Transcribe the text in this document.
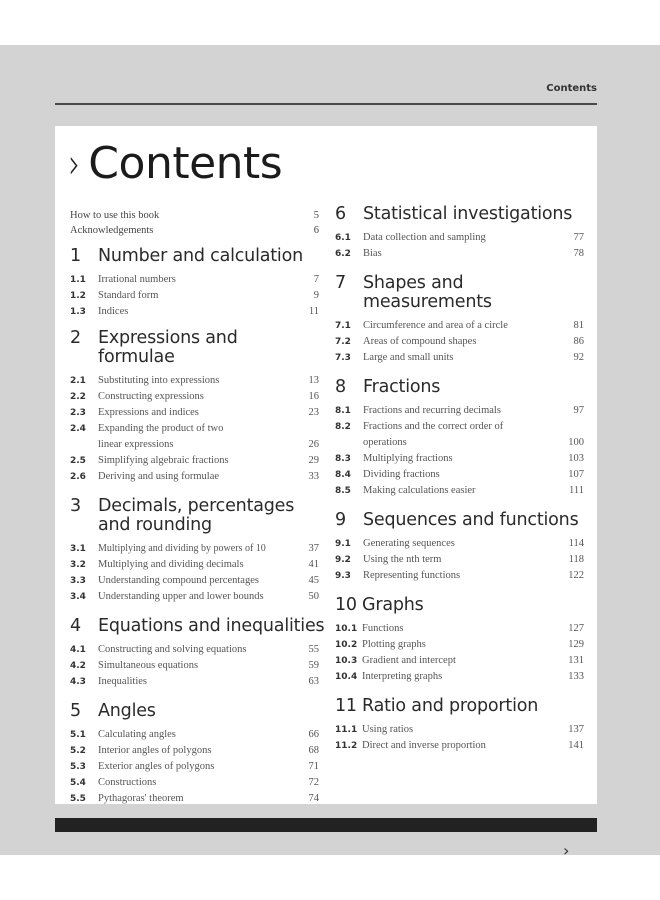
Contents
› Contents
How to use this book	5
Acknowledgements	6
1 Number and calculation
1.1	Irrational numbers	7
1.2	Standard form	9
1.3	Indices	11
2 Expressions and formulae
2.1	Substituting into expressions	13
2.2	Constructing expressions	16
2.3	Expressions and indices	23
2.4	Expanding the product of two linear expressions	26
2.5	Simplifying algebraic fractions	29
2.6	Deriving and using formulae	33
3 Decimals, percentages and rounding
3.1	Multiplying and dividing by powers of 10	37
3.2	Multiplying and dividing decimals	41
3.3	Understanding compound percentages	45
3.4	Understanding upper and lower bounds	50
4 Equations and inequalities
4.1	Constructing and solving equations	55
4.2	Simultaneous equations	59
4.3	Inequalities	63
5 Angles
5.1	Calculating angles	66
5.2	Interior angles of polygons	68
5.3	Exterior angles of polygons	71
5.4	Constructions	72
5.5	Pythagoras' theorem	74
6 Statistical investigations
6.1	Data collection and sampling	77
6.2	Bias	78
7 Shapes and measurements
7.1	Circumference and area of a circle	81
7.2	Areas of compound shapes	86
7.3	Large and small units	92
8 Fractions
8.1	Fractions and recurring decimals	97
8.2	Fractions and the correct order of operations	100
8.3	Multiplying fractions	103
8.4	Dividing fractions	107
8.5	Making calculations easier	111
9 Sequences and functions
9.1	Generating sequences	114
9.2	Using the nth term	118
9.3	Representing functions	122
10 Graphs
10.1 Functions	127
10.2 Plotting graphs	129
10.3 Gradient and intercept	131
10.4 Interpreting graphs	133
11 Ratio and proportion
11.1 Using ratios	137
11.2 Direct and inverse proportion	141
›
